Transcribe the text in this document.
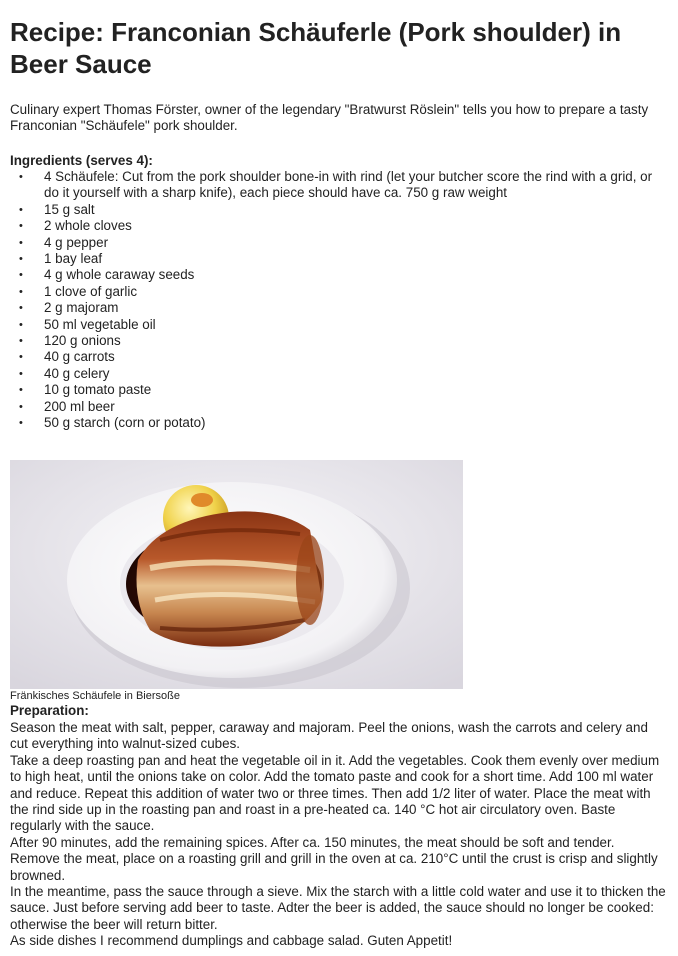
Recipe: Franconian Schäuferle (Pork shoulder) in Beer Sauce
Culinary expert Thomas Förster, owner of the legendary "Bratwurst Röslein" tells you how to prepare a tasty Franconian "Schäufele" pork shoulder.
Ingredients (serves 4):
• 4 Schäufele: Cut from the pork shoulder bone-in with rind (let your butcher score the rind with a grid, or do it yourself with a sharp knife), each piece should have ca. 750 g raw weight
• 15 g salt
• 2 whole cloves
• 4 g pepper
• 1 bay leaf
• 4 g whole caraway seeds
• 1 clove of garlic
• 2 g majoram
• 50 ml vegetable oil
• 120 g onions
• 40 g carrots
• 40 g celery
• 10 g tomato paste
• 200 ml beer
• 50 g starch (corn or potato)
Fränkisches Schäufele in Biersoße
Preparation:

Season the meat with salt, pepper, caraway and majoram. Peel the onions, wash the carrots and celery and cut everything into walnut-sized cubes.

Take a deep roasting pan and heat the vegetable oil in it. Add the vegetables. Cook them evenly over medium to high heat, until the onions take on color. Add the tomato paste and cook for a short time. Add 100 ml water and reduce. Repeat this addition of water two or three times. Then add 1/2 liter of water. Place the meat with the rind side up in the roasting pan and roast in a pre-heated ca. 140 °C hot air circulatory oven. Baste regularly with the sauce.

After 90 minutes, add the remaining spices. After ca. 150 minutes, the meat should be soft and tender. Remove the meat, place on a roasting grill and grill in the oven at ca. 210°C until the crust is crisp and slightly browned.

In the meantime, pass the sauce through a sieve. Mix the starch with a little cold water and use it to thicken the sauce. Just before serving add beer to taste. Adter the beer is added, the sauce should no longer be cooked: otherwise the beer will return bitter.

As side dishes I recommend dumplings and cabbage salad. Guten Appetit!
